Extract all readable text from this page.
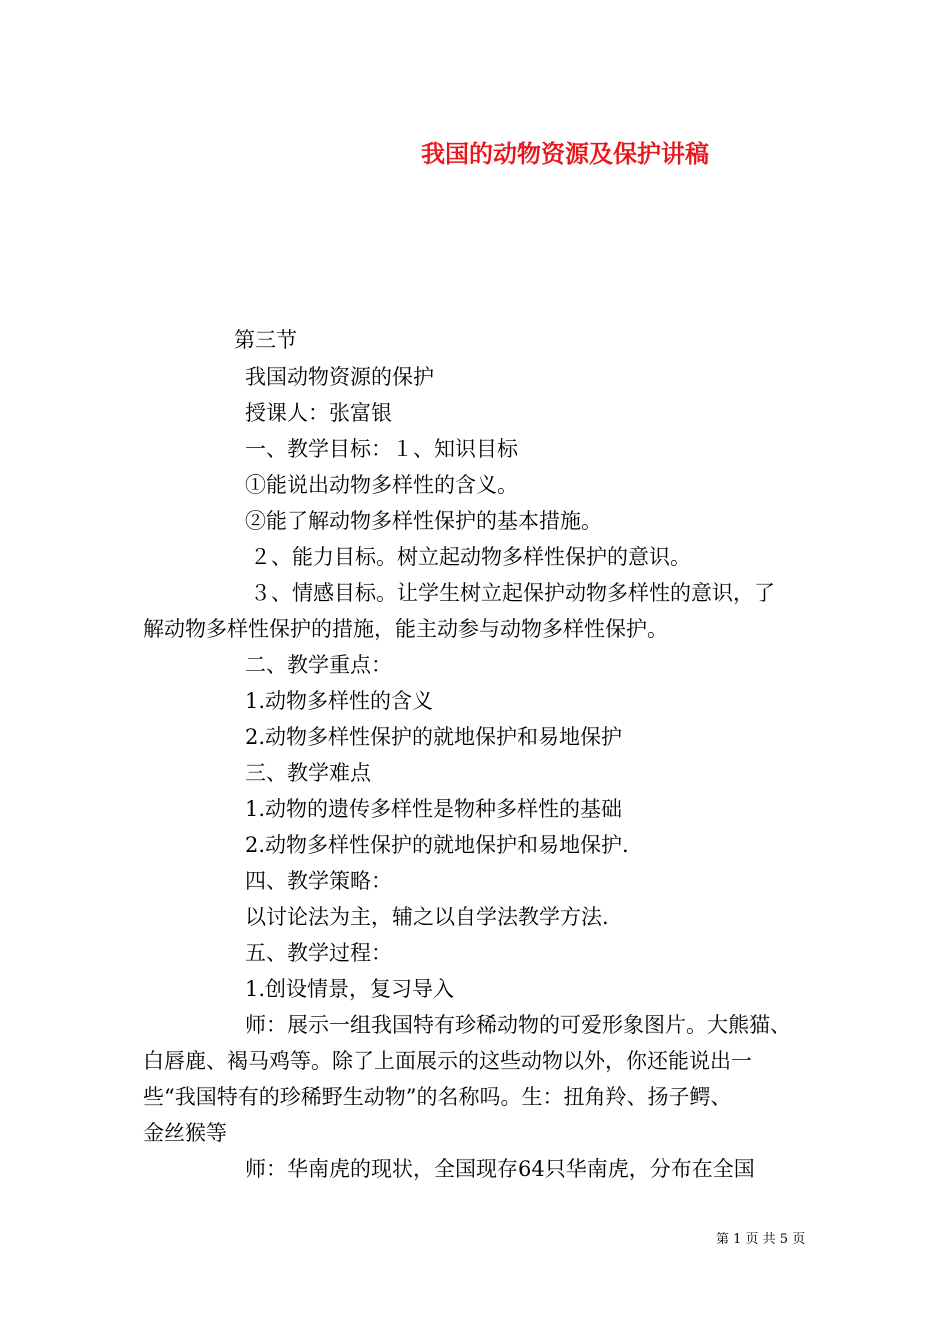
我国的动物资源及保护讲稿
第三节
我国动物资源的保护
授课人：张富银
一、教学目标：１、知识目标
①能说出动物多样性的含义。
②能了解动物多样性保护的基本措施。
２、能力目标。树立起动物多样性保护的意识。
３、情感目标。让学生树立起保护动物多样性的意识，了
解动物多样性保护的措施，能主动参与动物多样性保护。
二、教学重点：
1.动物多样性的含义
2.动物多样性保护的就地保护和易地保护
三、教学难点
1.动物的遗传多样性是物种多样性的基础
2.动物多样性保护的就地保护和易地保护.
四、教学策略：
以讨论法为主，辅之以自学法教学方法.
五、教学过程：
1.创设情景，复习导入
师：展示一组我国特有珍稀动物的可爱形象图片。大熊猫、
白唇鹿、褐马鸡等。除了上面展示的这些动物以外，你还能说出一
些“我国特有的珍稀野生动物”的名称吗。生：扭角羚、扬子鳄、
金丝猴等
师：华南虎的现状，全国现存64只华南虎，分布在全国
第 1 页 共 5 页
